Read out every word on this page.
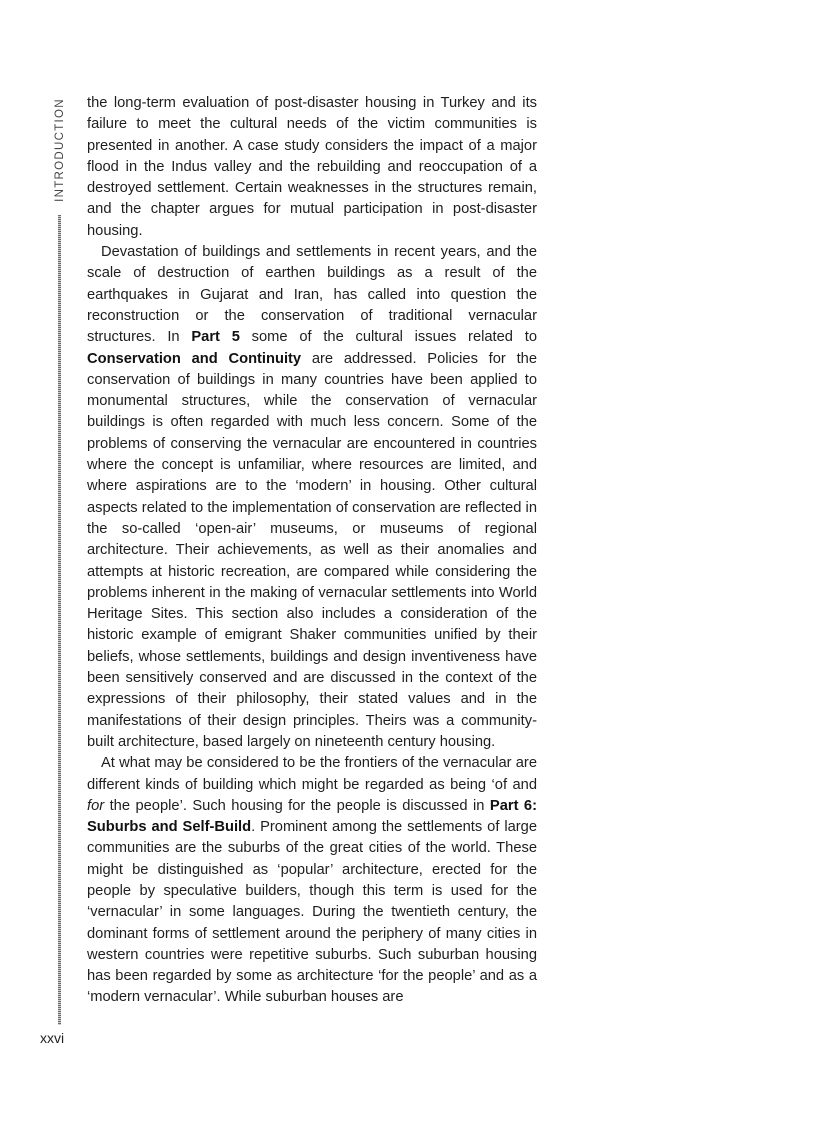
INTRODUCTION the long-term evaluation of post-disaster housing in Turkey and its failure to meet the cultural needs of the victim communities is presented in another. A case study considers the impact of a major flood in the Indus valley and the rebuilding and reoccupation of a destroyed settlement. Certain weaknesses in the structures remain, and the chapter argues for mutual participation in post-disaster housing.

Devastation of buildings and settlements in recent years, and the scale of destruction of earthen buildings as a result of the earthquakes in Gujarat and Iran, has called into question the reconstruction or the conservation of traditional vernacular structures. In Part 5 some of the cultural issues related to Conservation and Continuity are addressed. Policies for the conservation of buildings in many countries have been applied to monumental structures, while the conservation of vernacular buildings is often regarded with much less concern. Some of the problems of conserving the vernacular are encountered in countries where the concept is unfamiliar, where resources are limited, and where aspirations are to the ‘modern’ in housing. Other cultural aspects related to the implementation of conservation are reflected in the so-called ‘open-air’ museums, or museums of regional architecture. Their achievements, as well as their anomalies and attempts at historic recreation, are compared while considering the problems inherent in the making of vernacular settlements into World Heritage Sites. This section also includes a consideration of the historic example of emigrant Shaker communities unified by their beliefs, whose settlements, buildings and design inventiveness have been sensitively conserved and are discussed in the context of the expressions of their philosophy, their stated values and in the manifestations of their design principles. Theirs was a community-built architecture, based largely on nineteenth century housing.

At what may be considered to be the frontiers of the vernacular are different kinds of building which might be regarded as being ‘of and for the people’. Such housing for the people is discussed in Part 6: Suburbs and Self-Build. Prominent among the settlements of large communities are the suburbs of the great cities of the world. These might be distinguished as ‘popular’ architecture, erected for the people by speculative builders, though this term is used for the ‘vernacular’ in some languages. During the twentieth century, the dominant forms of settlement around the periphery of many cities in western countries were repetitive suburbs. Such suburban housing has been regarded by some as architecture ‘for the people’ and as a ‘modern vernacular’. While suburban houses are

xxvi
